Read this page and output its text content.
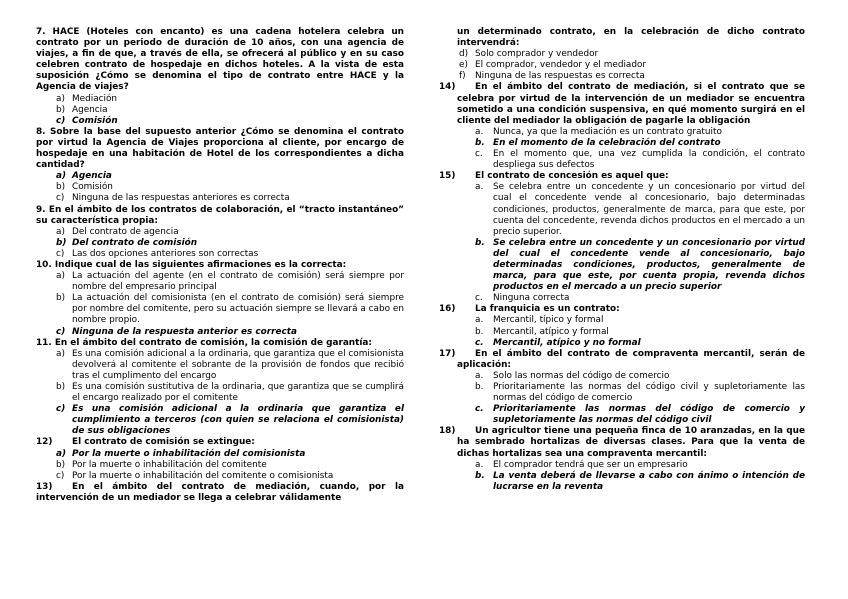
7. HACE (Hoteles con encanto) es una cadena hotelera celebra un contrato por un periodo de duración de 10 años, con una agencia de viajes, a fin de que, a través de ella, se ofrecerá al público y en su caso celebren contrato de hospedaje en dichos hoteles. A la vista de esta suposición ¿Cómo se denomina el tipo de contrato entre HACE y la Agencia de viajes?
a) Mediación
b) Agencia
c) Comisión
8. Sobre la base del supuesto anterior ¿Cómo se denomina el contrato por virtud la Agencia de Viajes proporciona al cliente, por encargo de hospedaje en una habitación de Hotel de los correspondientes a dicha cantidad?
a) Agencia
b) Comisión
c) Ninguna de las respuestas anteriores es correcta
9. En el ámbito de los contratos de colaboración, el “tracto instantáneo” su característica propia:
a) Del contrato de agencia
b) Del contrato de comisión
c) Las dos opciones anteriores son correctas
10. Indique cual de las siguientes afirmaciones es la correcta:
a) La actuación del agente (en el contrato de comisión) será siempre por nombre del empresario principal
b) La actuación del comisionista (en el contrato de comisión) será siempre por nombre del comitente, pero su actuación siempre se llevará a cabo en nombre propio.
c) Ninguna de la respuesta anterior es correcta
11. En el ámbito del contrato de comisión, la comisión de garantía:
a) Es una comisión adicional a la ordinaria, que garantiza que el comisionista devolverá al comitente el sobrante de la provisión de fondos que recibió tras el cumplimento del encargo
b) Es una comisión sustitutiva de la ordinaria, que garantiza que se cumplirá el encargo realizado por el comitente
c) Es una comisión adicional a la ordinaria que garantiza el cumplimiento a terceros (con quien se relaciona el comisionista) de sus obligaciones
12)	El contrato de comisión se extingue:
a) Por la muerte o inhabilitación del comisionista
b) Por la muerte o inhabilitación del comitente
c) Por la muerte o inhabilitación del comitente o comisionista
13)	En el ámbito del contrato de mediación, cuando, por la intervención de un mediador se llega a celebrar válidamente
un determinado contrato, en la celebración de dicho contrato intervendrá:
d) Solo comprador y vendedor
e) El comprador, vendedor y el mediador
f) Ninguna de las respuestas es correcta
14)	En el ámbito del contrato de mediación, si el contrato que se celebra por virtud de la intervención de un mediador se encuentra sometido a una condición suspensiva, en qué momento surgirá en el cliente del mediador la obligación de pagarle la obligación
a. Nunca, ya que la mediación es un contrato gratuito
b. En el momento de la celebración del contrato
c. En el momento que, una vez cumplida la condición, el contrato despliega sus defectos
15)	El contrato de concesión es aquel que:
a. Se celebra entre un concedente y un concesionario por virtud del cual el concedente vende al concesionario, bajo determinadas condiciones, productos, generalmente de marca, para que este, por cuenta del concedente, revenda dichos productos en el mercado a un precio superior.
b. Se celebra entre un concedente y un concesionario por virtud del cual el concedente vende al concesionario, bajo determinadas condiciones, productos, generalmente de marca, para que este, por cuenta propia, revenda dichos productos en el mercado a un precio superior
c. Ninguna correcta
16)	La franquicia es un contrato:
a. Mercantil, típico y formal
b. Mercantil, atípico y formal
c. Mercantil, atípico y no formal
17)	En el ámbito del contrato de compraventa mercantil, serán de aplicación:
a. Solo las normas del código de comercio
b. Prioritariamente las normas del código civil y supletoriamente las normas del código de comercio
c. Prioritariamente las normas del código de comercio y supletoriamente las normas del código civil
18)	Un agricultor tiene una pequeña finca de 10 aranzadas, en la que ha sembrado hortalizas de diversas clases. Para que la venta de dichas hortalizas sea una compraventa mercantil:
a. El comprador tendrá que ser un empresario
b. La venta deberá de llevarse a cabo con ánimo o intención de lucrarse en la reventa
